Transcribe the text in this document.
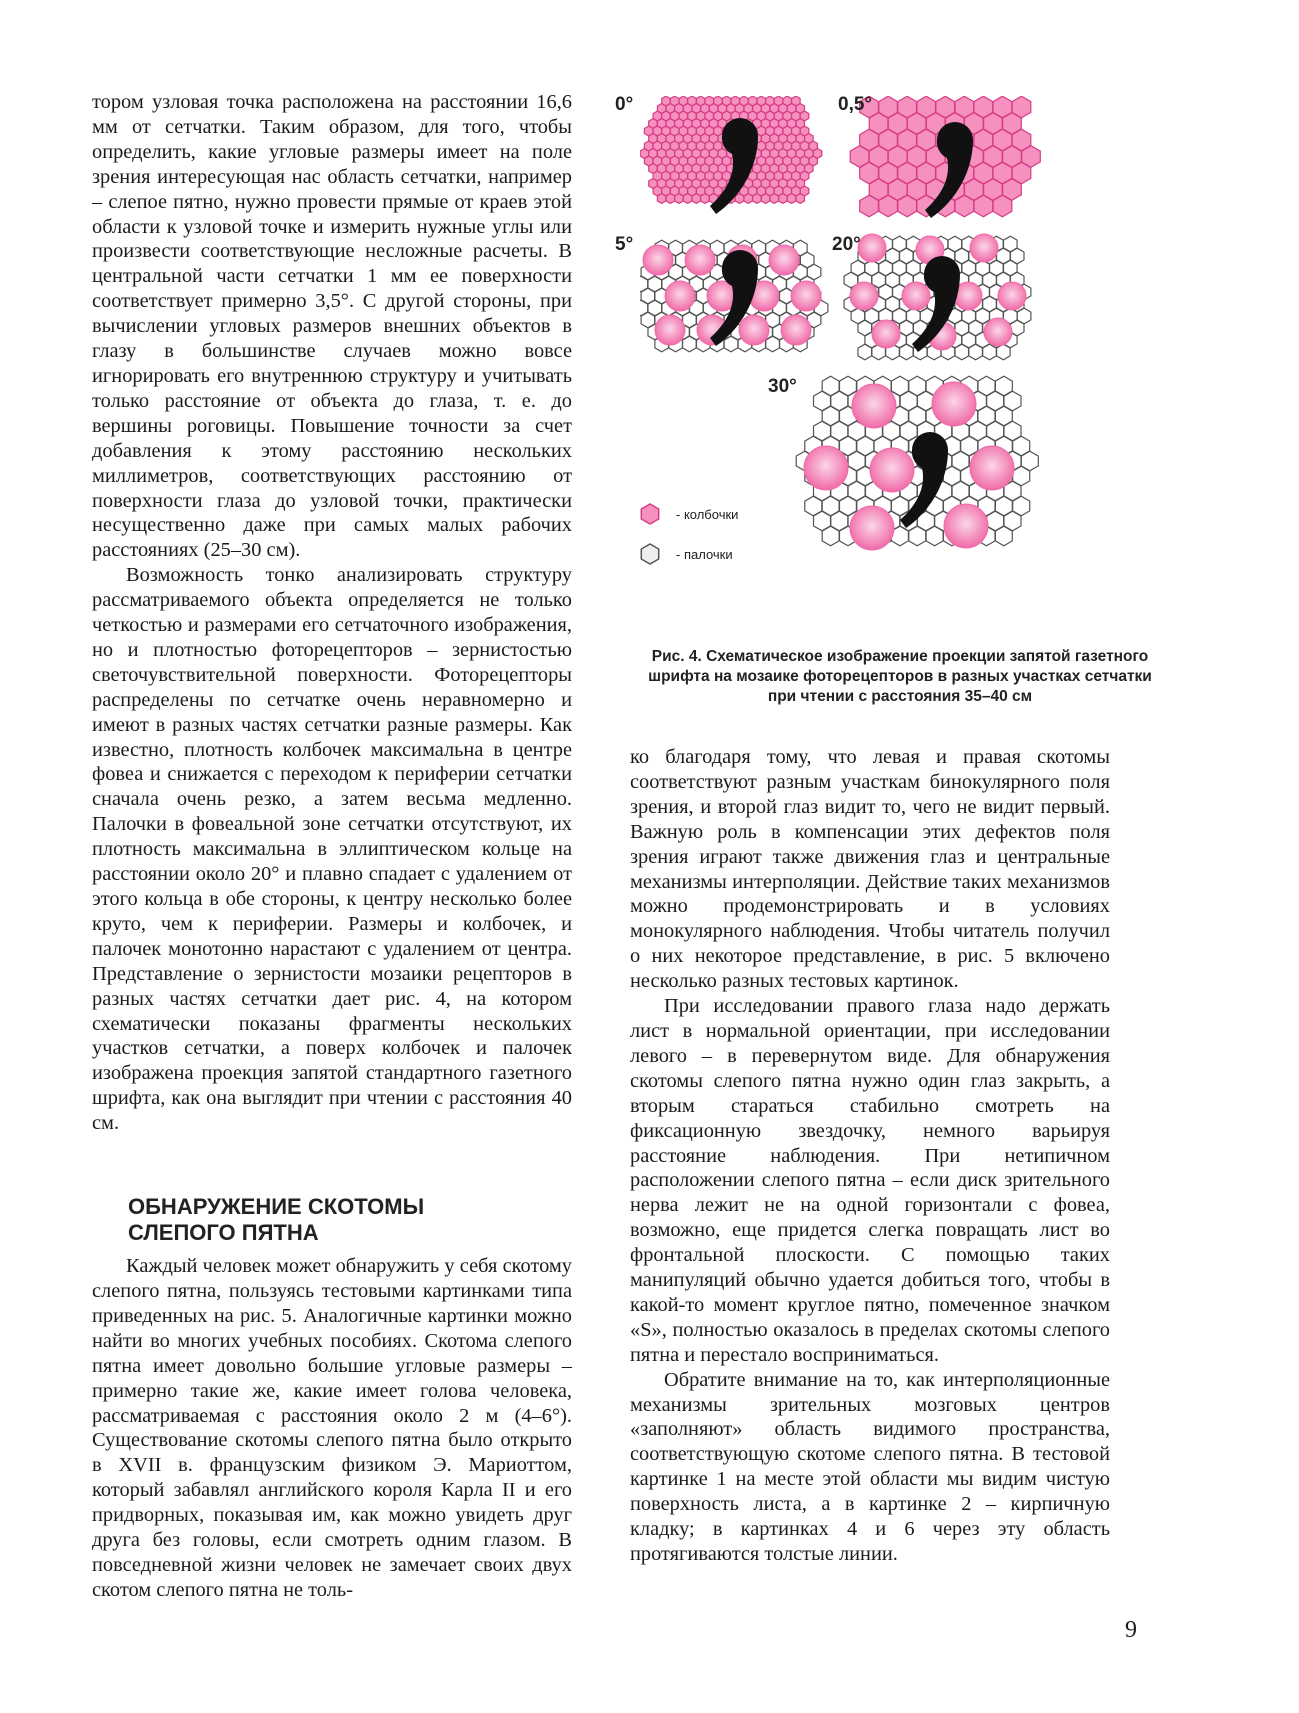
тором узловая точка расположена на расстоянии 16,6 мм от сетчатки. Таким образом, для того, чтобы определить, какие угловые размеры имеет на поле зрения интересующая нас область сетчатки, например – слепое пятно, нужно провести прямые от краев этой области к узловой точке и измерить нужные углы или произвести соответствующие несложные расчеты. В центральной части сетчатки 1 мм ее поверхности соответствует примерно 3,5°. С другой стороны, при вычислении угловых размеров внешних объектов в глазу в большинстве случаев можно вовсе игнорировать его внутреннюю структуру и учитывать только расстояние от объекта до глаза, т. е. до вершины роговицы. Повышение точности за счет добавления к этому расстоянию нескольких миллиметров, соответствующих расстоянию от поверхности глаза до узловой точки, практически несущественно даже при самых малых рабочих расстояниях (25–30 см).

Возможность тонко анализировать структуру рассматриваемого объекта определяется не только четкостью и размерами его сетчаточного изображения, но и плотностью фоторецепторов – зернистостью светочувствительной поверхности. Фоторецепторы распределены по сетчатке очень неравномерно и имеют в разных частях сетчатки разные размеры. Как известно, плотность колбочек максимальна в центре фовеа и снижается с переходом к периферии сетчатки сначала очень резко, а затем весьма медленно. Палочки в фовеальной зоне сетчатки отсутствуют, их плотность максимальна в эллиптическом кольце на расстоянии около 20° и плавно спадает с удалением от этого кольца в обе стороны, к центру несколько более круто, чем к периферии. Размеры и колбочек, и палочек монотонно нарастают с удалением от центра. Представление о зернистости мозаики рецепторов в разных частях сетчатки дает рис. 4, на котором схематически показаны фрагменты нескольких участков сетчатки, а поверх колбочек и палочек изображена проекция запятой стандартного газетного шрифта, как она выглядит при чтении с расстояния 40 см.

ОБНАРУЖЕНИЕ СКОТОМЫ
СЛЕПОГО ПЯТНА

Каждый человек может обнаружить у себя скотому слепого пятна, пользуясь тестовыми картинками типа приведенных на рис. 5. Аналогичные картинки можно найти во многих учебных пособиях. Скотома слепого пятна имеет довольно большие угловые размеры – примерно такие же, какие имеет голова человека, рассматриваемая с расстояния около 2 м (4–6°). Существование скотомы слепого пятна было открыто в XVII в. французским физиком Э. Мариоттом, который забавлял английского короля Карла II и его придворных, показывая им, как можно увидеть друг друга без головы, если смотреть одним глазом. В повседневной жизни человек не замечает своих двух скотом слепого пятна не толь-

0°	0,5°
5°	20°
30°
- колбочки
- палочки
Рис. 4. Схематическое изображение проекции запятой газетного шрифта на мозаике фоторецепторов в разных участках сетчатки при чтении с расстояния 35–40 см

ко благодаря тому, что левая и правая скотомы соответствуют разным участкам бинокулярного поля зрения, и второй глаз видит то, чего не видит первый. Важную роль в компенсации этих дефектов поля зрения играют также движения глаз и центральные механизмы интерполяции. Действие таких механизмов можно продемонстрировать и в условиях монокулярного наблюдения. Чтобы читатель получил о них некоторое представление, в рис. 5 включено несколько разных тестовых картинок.

При исследовании правого глаза надо держать лист в нормальной ориентации, при исследовании левого – в перевернутом виде. Для обнаружения скотомы слепого пятна нужно один глаз закрыть, а вторым стараться стабильно смотреть на фиксационную звездочку, немного варьируя расстояние наблюдения. При нетипичном расположении слепого пятна – если диск зрительного нерва лежит не на одной горизонтали с фовеа, возможно, еще придется слегка повращать лист во фронтальной плоскости. С помощью таких манипуляций обычно удается добиться того, чтобы в какой-то момент круглое пятно, помеченное значком «S», полностью оказалось в пределах скотомы слепого пятна и перестало восприниматься.

Обратите внимание на то, как интерполяционные механизмы зрительных мозговых центров «заполняют» область видимого пространства, соответствующую скотоме слепого пятна. В тестовой картинке 1 на месте этой области мы видим чистую поверхность листа, а в картинке 2 – кирпичную кладку; в картинках 4 и 6 через эту область протягиваются толстые линии.

9
